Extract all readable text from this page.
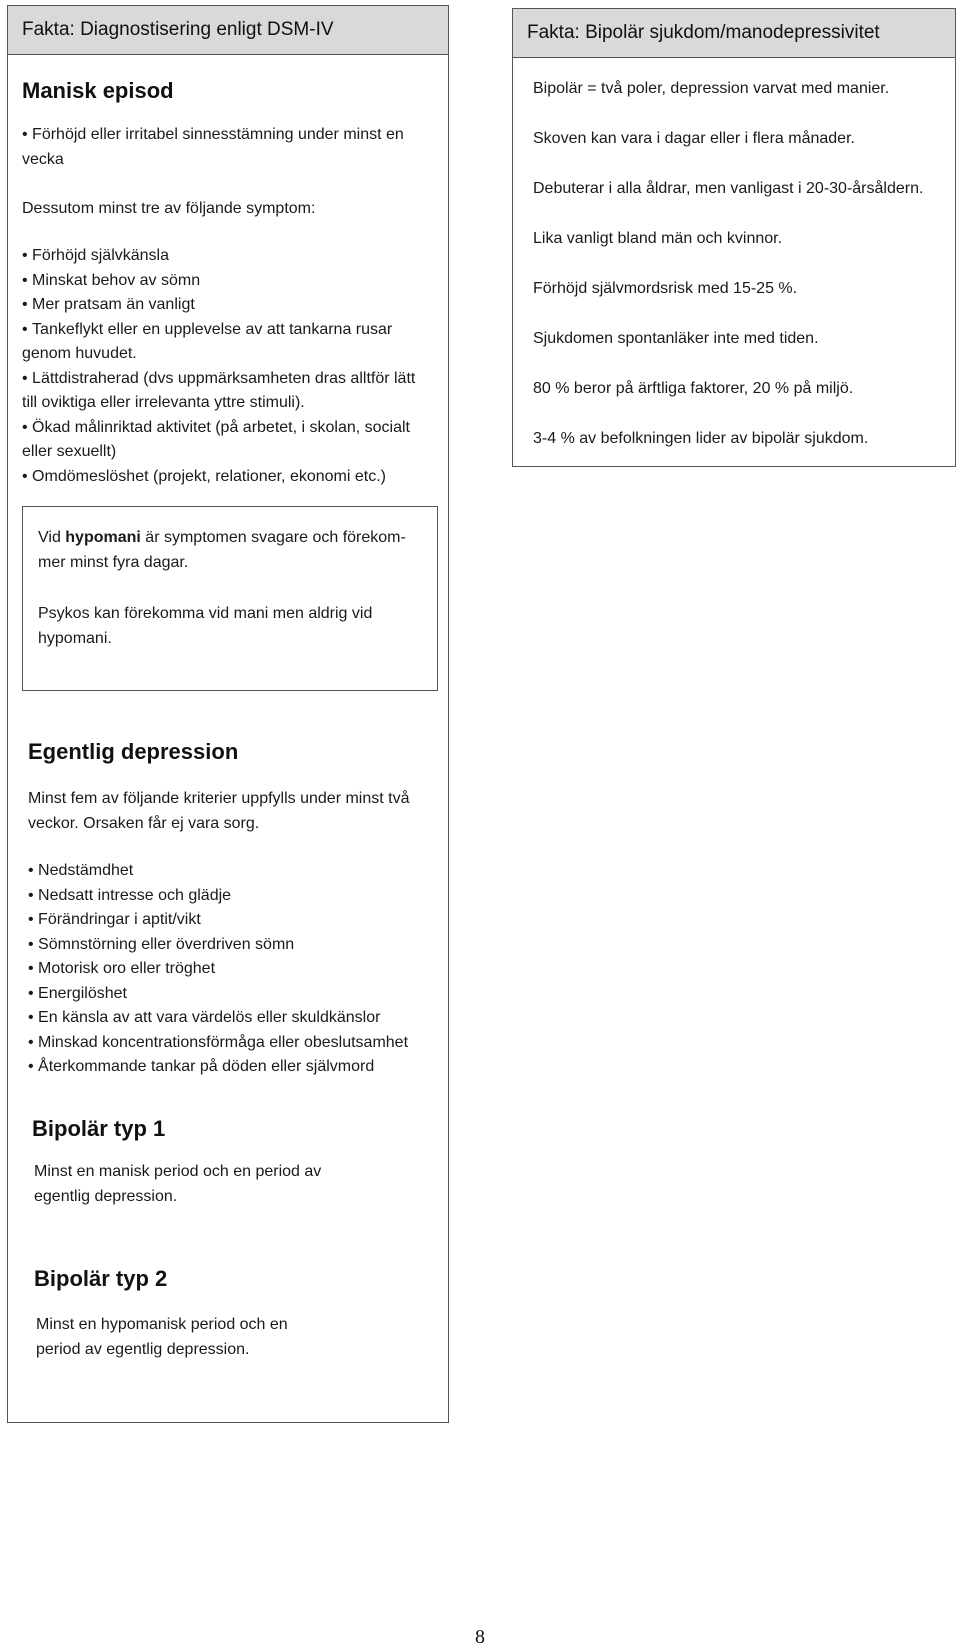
Fakta: Diagnostisering enligt DSM-IV
Manisk episod

• Förhöjd eller irritabel sinnesstämning under minst en vecka

Dessutom minst tre av följande symptom:

• Förhöjd självkänsla
• Minskat behov av sömn
• Mer pratsam än vanligt
• Tankeflykt eller en upplevelse av att tankarna rusar genom huvudet.
• Lättdistraherad (dvs uppmärksamheten dras alltför lätt till oviktiga eller irrelevanta yttre stimuli).
• Ökad målinriktad aktivitet (på arbetet, i skolan, socialt eller sexuellt)
• Omdömeslöshet (projekt, relationer, ekonomi etc.)

Vid hypomani är symptomen svagare och förekom-mer minst fyra dagar.

Psykos kan förekomma vid mani men aldrig vid hypomani.

Egentlig depression

Minst fem av följande kriterier uppfylls under minst två veckor. Orsaken får ej vara sorg.

• Nedstämdhet
• Nedsatt intresse och glädje
• Förändringar i aptit/vikt
• Sömnstörning eller överdriven sömn
• Motorisk oro eller tröghet
• Energilöshet
• En känsla av att vara värdelös eller skuldkänslor
• Minskad koncentrationsförmåga eller obeslutsamhet
• Återkommande tankar på döden eller självmord
Bipolär typ 1

Minst en manisk period och en period av egentlig depression.

Bipolär typ 2

Minst en hypomanisk period och en period av egentlig depression.

Fakta: Bipolär sjukdom/manodepressivitet
Bipolär = två poler, depression varvat med manier.
Skoven kan vara i dagar eller i flera månader.
Debuterar i alla åldrar, men vanligast i 20-30-årsåldern.
Lika vanligt bland män och kvinnor.
Förhöjd självmordsrisk med 15-25 %.
Sjukdomen spontanläker inte med tiden.
80 % beror på ärftliga faktorer, 20 % på miljö.
3-4 % av befolkningen lider av bipolär sjukdom.
8
